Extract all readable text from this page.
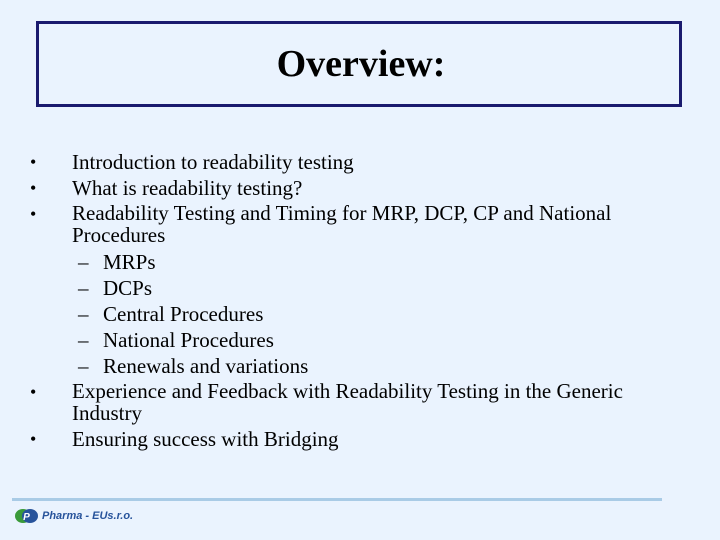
Overview:
• Introduction to readability testing
• What is readability testing?
• Readability Testing and Timing for MRP, DCP, CP and National Procedures
– MRPs
– DCPs
– Central Procedures
– National Procedures
– Renewals and variations
• Experience and Feedback with Readability Testing in the Generic Industry
• Ensuring success with Bridging
P Pharma - EUs.r.o.
